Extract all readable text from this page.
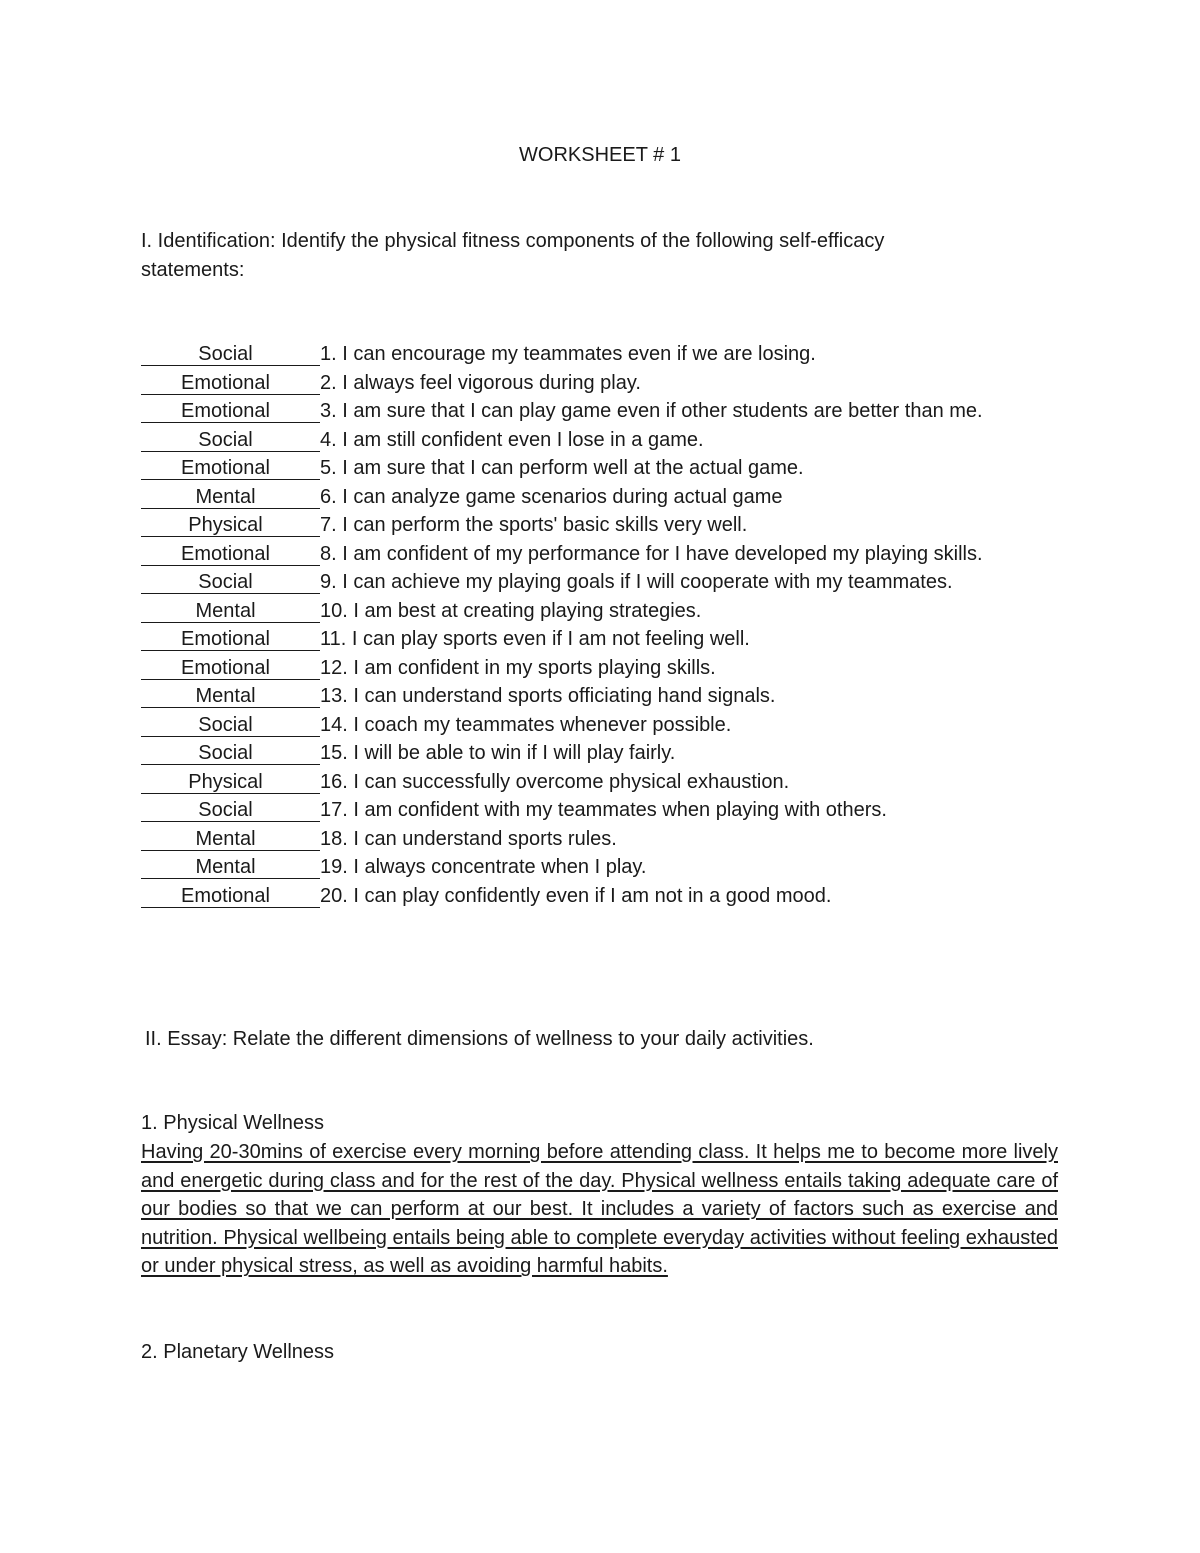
WORKSHEET # 1
I. Identification: Identify the physical fitness components of the following self-efficacy statements:
Social	1. I can encourage my teammates even if we are losing.
Emotional	2. I always feel vigorous during play.
Emotional	3. I am sure that I can play game even if other students are better than me.
Social	4. I am still confident even I lose in a game.
Emotional	5. I am sure that I can perform well at the actual game.
Mental	6. I can analyze game scenarios during actual game
Physical	7. I can perform the sports' basic skills very well.
Emotional	8. I am confident of my performance for I have developed my playing skills.
Social	9. I can achieve my playing goals if I will cooperate with my teammates.
Mental	10. I am best at creating playing strategies.
Emotional	11. I can play sports even if I am not feeling well.
Emotional	12. I am confident in my sports playing skills.
Mental	13. I can understand sports officiating hand signals.
Social	14. I coach my teammates whenever possible.
Social	15. I will be able to win if I will play fairly.
Physical	16. I can successfully overcome physical exhaustion.
Social	17. I am confident with my teammates when playing with others.
Mental	18. I can understand sports rules.
Mental	19. I always concentrate when I play.
Emotional	20. I can play confidently even if I am not in a good mood.
II. Essay: Relate the different dimensions of wellness to your daily activities.
1. Physical Wellness
Having 20-30mins of exercise every morning before attending class. It helps me to become more lively and energetic during class and for the rest of the day. Physical wellness entails taking adequate care of our bodies so that we can perform at our best. It includes a variety of factors such as exercise and nutrition. Physical wellbeing entails being able to complete everyday activities without feeling exhausted or under physical stress, as well as avoiding harmful habits.
2. Planetary Wellness
